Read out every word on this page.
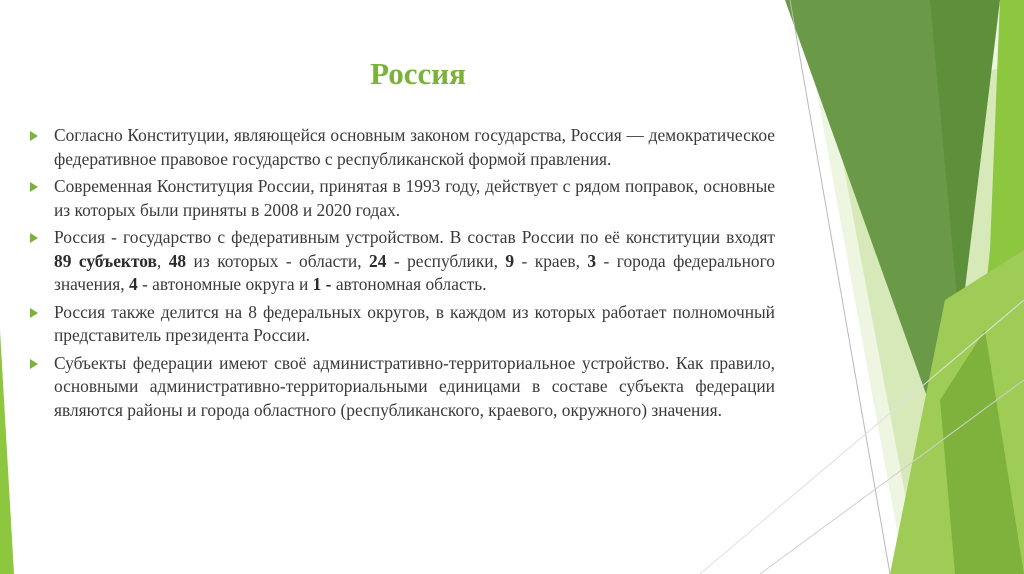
Россия
Согласно Конституции, являющейся основным законом государства, Россия — демократическое федеративное правовое государство с республиканской формой правления.
Современная Конституция России, принятая в 1993 году, действует с рядом поправок, основные из которых были приняты в 2008 и 2020 годах.
Россия - государство с федеративным устройством. В состав России по её конституции входят 89 субъектов, 48 из которых - области, 24 - республики, 9 - краев, 3 - города федерального значения, 4 - автономные округа и 1 - автономная область.
Россия также делится на 8 федеральных округов, в каждом из которых работает полномочный представитель президента России.
Субъекты федерации имеют своё административно-территориальное устройство. Как правило, основными административно-территориальными единицами в составе субъекта федерации являются районы и города областного (республиканского, краевого, окружного) значения.
